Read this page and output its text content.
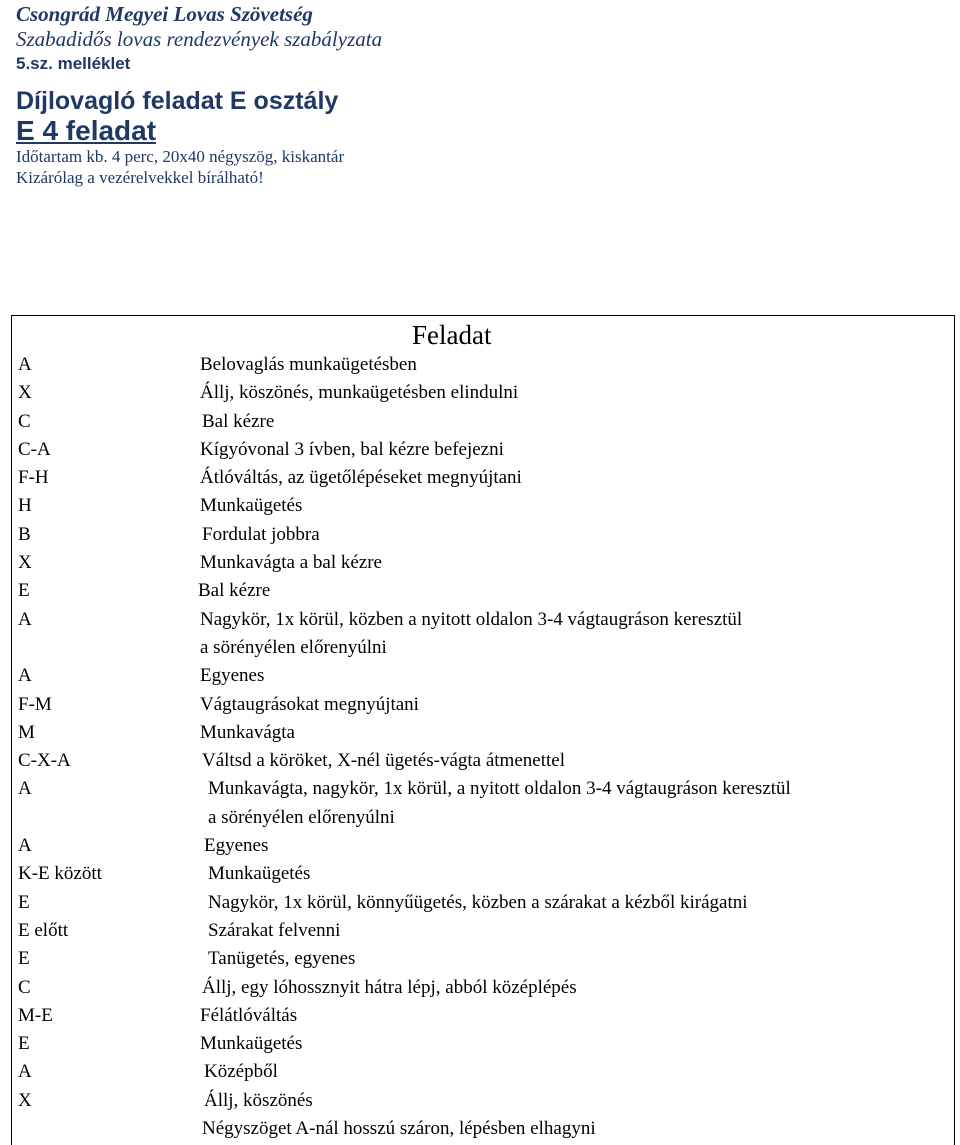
Csongrád Megyei Lovas Szövetség
Szabadidős lovas rendezvények szabályzata
5.sz. melléklet
Díjlovagló feladat E osztály
E 4 feladat
Időtartam kb. 4 perc, 20x40 négyszög, kiskantár
Kizárólag a vezérelvekkel bírálható!
Feladat
A	Belovaglás munkaügetésben
X	Állj, köszönés, munkaügetésben elindulni
C	Bal kézre
C-A	Kígyóvonal 3 ívben, bal kézre befejezni
F-H	Átlóváltás, az ügetőlépéseket megnyújtani
H	Munkaügetés
B	Fordulat jobbra
X	Munkavágta a bal kézre
E	Bal kézre
A	Nagykör, 1x körül, közben a nyitott oldalon 3-4 vágtaugráson keresztül
a sörényélen előrenyúlni
A	Egyenes
F-M	Vágtaugrásokat megnyújtani
M	Munkavágta
C-X-A	Váltsd a köröket, X-nél ügetés-vágta átmenettel
A	Munkavágta, nagykör, 1x körül, a nyitott oldalon 3-4 vágtaugráson keresztül
a sörényélen előrenyúlni
A	Egyenes
K-E között	Munkaügetés
E	Nagykör, 1x körül, könnyűügetés, közben a szárakat a kézből kirágatni
E előtt	Szárakat felvenni
E	Tanügetés, egyenes
C	Állj, egy lóhossznyit hátra lépj, abból középlépés
M-E	Félátlóváltás
E	Munkaügetés
A	Középből
X	Állj, köszönés
Négyszöget A-nál hosszú száron, lépésben elhagyni
